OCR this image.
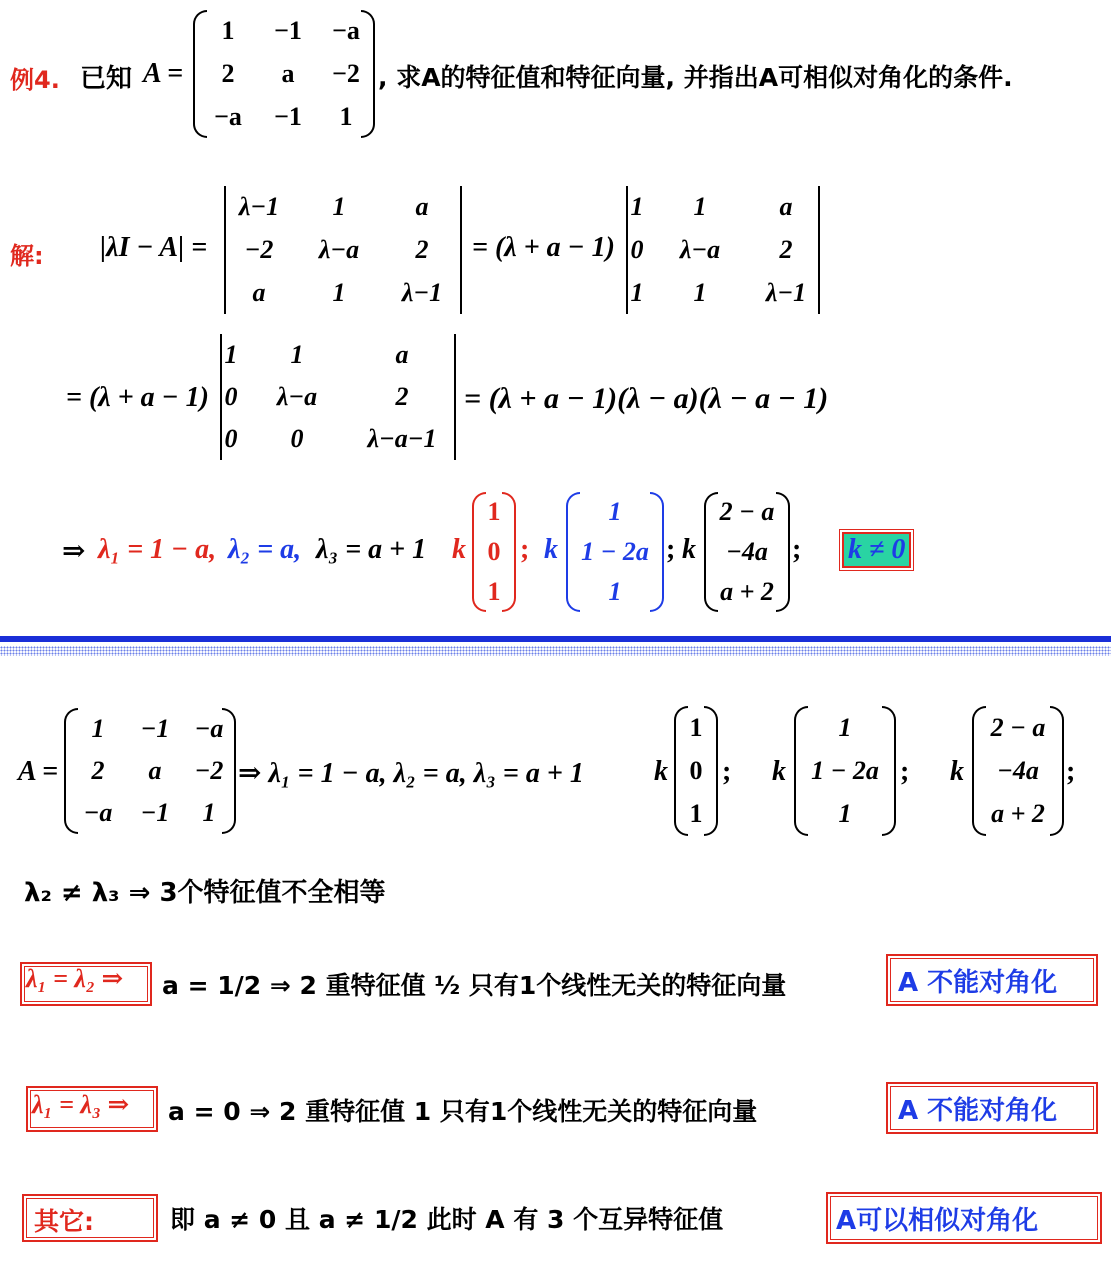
例4. 已知 A =
1	−1	−a
2	a	−2
−a	−1	1
, 求A的特征值和特征向量, 并指出A可相似对角化的条件.
解: |λI − A| =
λ−1	1	a
−2	λ−a	2
a	1	λ−1
= (λ + a − 1)
1	1	a
0	λ−a	2
1	1	λ−1
= (λ + a − 1)
1	1	a
0	λ−a	2
0	0	λ−a−1
= (λ + a − 1)(λ − a)(λ − a − 1)
⇒ λ₁ = 1 − a, λ₂ = a, λ₃ = a + 1 k
1
0
1
; k
1
1 − 2a
1
; k
2 − a
−4a
a + 2
; k ≠ 0
A =
1	−1 −a
2	a	−2
−a	−1	1
⇒ λ₁ = 1 − a, λ₂ = a, λ₃ = a + 1	k
1
0
1
; k
1
1 − 2a
1
; k
2 − a
−4a
a + 2
;
λ₂ ≠ λ₃ ⇒ 3个特征值不全相等
λ₁ = λ₂ ⇒ a = 1/2 ⇒ 2 重特征值 ½ 只有1个线性无关的特征向量	A 不能对角化
λ₁ = λ₃ ⇒ a = 0 ⇒ 2 重特征值 1 只有1个线性无关的特征向量	A 不能对角化
其它:	即 a ≠ 0 且 a ≠ 1/2 此时 A 有 3 个互异特征值	A可以相似对角化
